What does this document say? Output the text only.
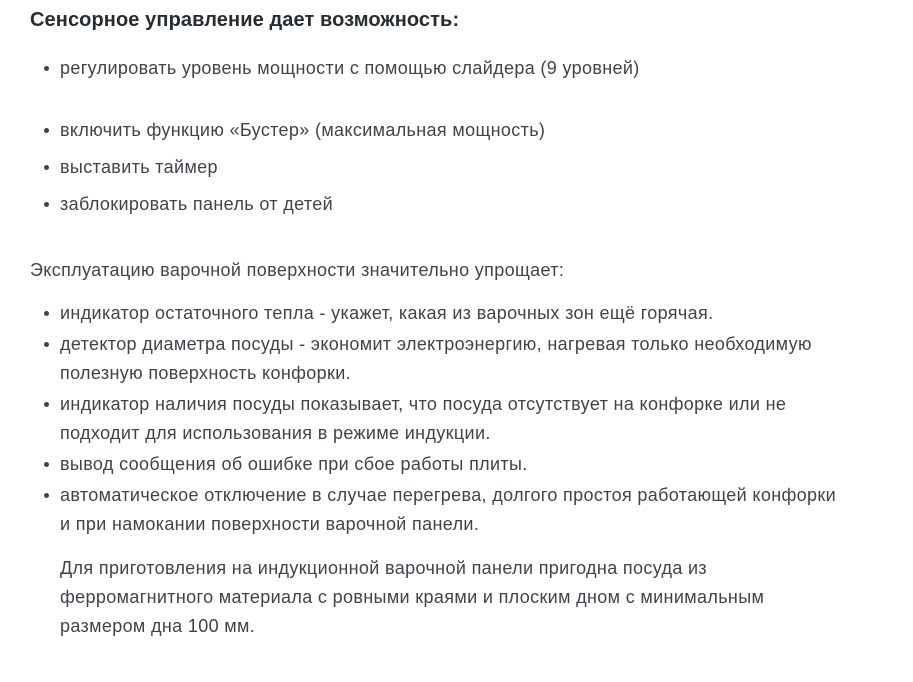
Сенсорное управление дает возможность:
регулировать уровень мощности с помощью слайдера (9 уровней)
включить функцию «Бустер» (максимальная мощность)
выставить таймер
заблокировать панель от детей

Эксплуатацию варочной поверхности значительно упрощает:

индикатор остаточного тепла - укажет, какая из варочных зон ещё горячая.
детектор диаметра посуды - экономит электроэнергию, нагревая только необходимую
полезную поверхность конфорки.
индикатор наличия посуды показывает, что посуда отсутствует на конфорке или не
подходит для использования в режиме индукции.
вывод сообщения об ошибке при сбое работы плиты.
автоматическое отключение в случае перегрева, долгого простоя работающей конфорки
и при намокании поверхности варочной панели.

Для приготовления на индукционной варочной панели пригодна посуда из
ферромагнитного материала с ровными краями и плоским дном с минимальным
размером дна 100 мм.
